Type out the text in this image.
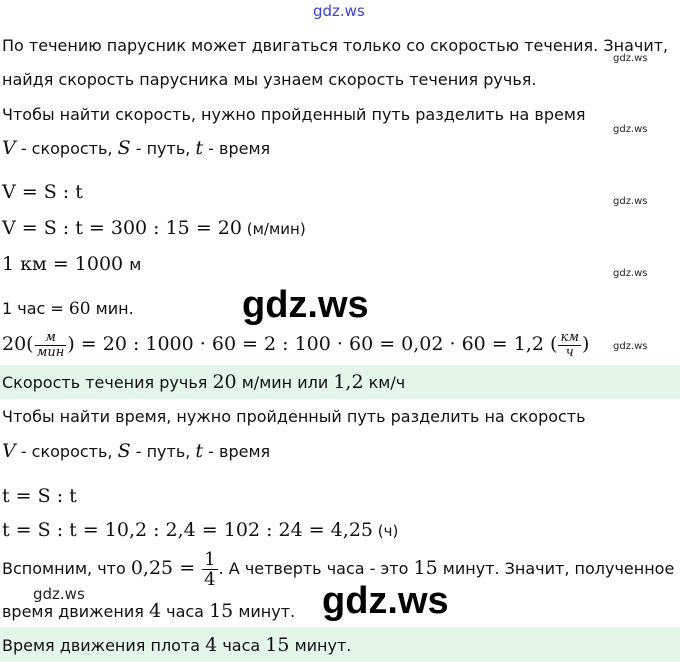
gdz.ws
gdz.ws
gdz.ws
gdz.ws
gdz.ws
gdz.ws
gdz.ws
По течению парусник может двигаться только со скоростью течения. Значит,
найдя скорость парусника мы узнаем скорость течения ручья.
Чтобы найти скорость, нужно пройденный путь разделить на время
V - скорость, S - путь, t - время
V = S : t
V = S : t = 300 : 15 = 20 (м/мин)
1 км = 1000 м
1 час = 60 мин.
$20( \frac{м}{\text{мин}}$ ) = 20 : 1000 · 60 = 2 : 100 · 60 = 0,02 · 60 = 1,2 ( $\frac{км}{ч}$ )
Скорость течения ручья 20 м/мин или 1,2 км/ч
Чтобы найти время, нужно пройденный путь разделить на скорость
V - скорость, S - путь, t - время
t = S : t
t = S : t = 10,2 : 2,4 = 102 : 24 = 4,25 (ч)
Вспомним, что $0,25 = \frac{1}{4}$ . А четверть часа - это 15 минут. Значит, полученное
время движения 4 часа 15 минут.
Время движения плота 4 часа 15 минут.
gdz.ws
gdz.ws
